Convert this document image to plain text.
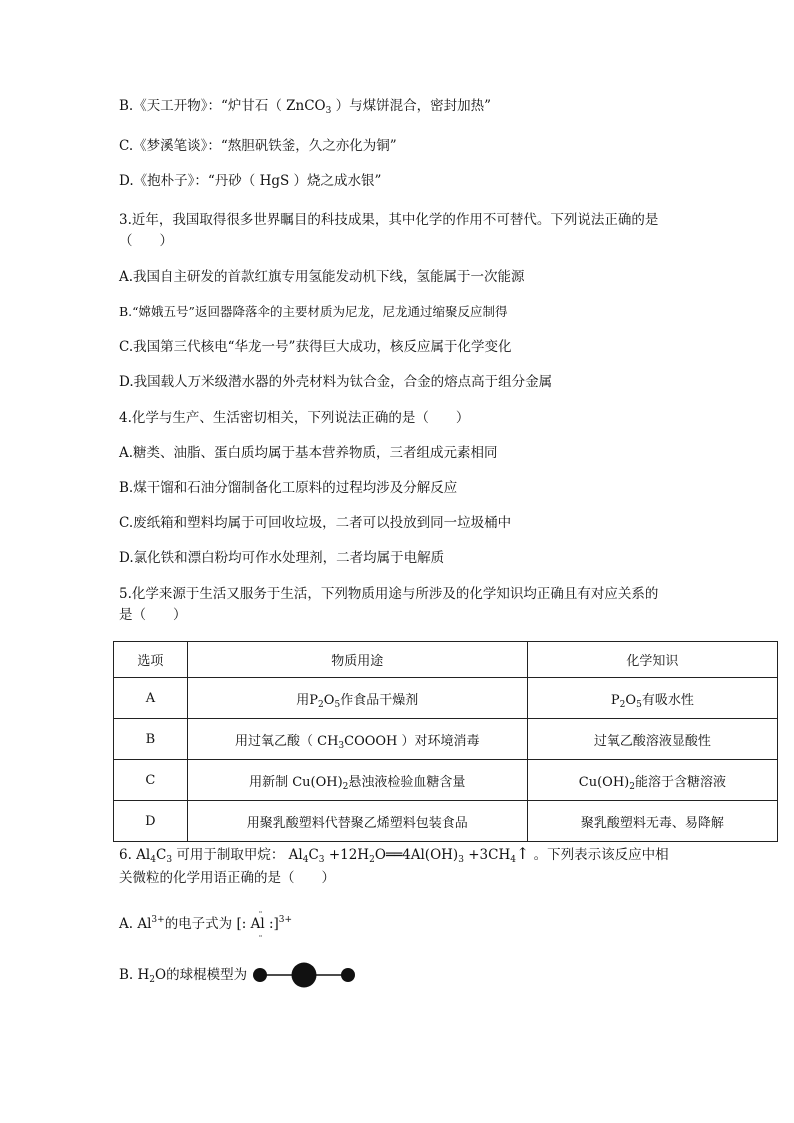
B.《天工开物》：“炉甘石（ ZnCO$_3$ ）与煤饼混合，密封加热”
C.《梦溪笔谈》：“熬胆矾铁釜，久之亦化为铜”
D.《抱朴子》：“丹砂（ HgS ）烧之成水银”
3.近年，我国取得很多世界瞩目的科技成果，其中化学的作用不可替代。下列说法正确的是
（　　）
A.我国自主研发的首款红旗专用氢能发动机下线，氢能属于一次能源
B.“嫦娥五号”返回器降落伞的主要材质为尼龙，尼龙通过缩聚反应制得
C.我国第三代核电“华龙一号”获得巨大成功，核反应属于化学变化
D.我国载人万米级潜水器的外壳材料为钛合金，合金的熔点高于组分金属
4.化学与生产、生活密切相关，下列说法正确的是（　　）
A.糖类、油脂、蛋白质均属于基本营养物质，三者组成元素相同
B.煤干馏和石油分馏制备化工原料的过程均涉及分解反应
C.废纸箱和塑料均属于可回收垃圾，二者可以投放到同一垃圾桶中
D.氯化铁和漂白粉均可作水处理剂，二者均属于电解质
5.化学来源于生活又服务于生活，下列物质用途与所涉及的化学知识均正确且有对应关系的
是（　　）
选项	物质用途	化学知识
A	用$P_2O_5$作食品干燥剂	$P_2O_5$有吸水性
B	用过氧乙酸（ $CH_3COOOH$ ）对环境消毒	过氧乙酸溶液显酸性
C	用新制 $Cu(OH)_2$悬浊液检验血糖含量	$Cu(OH)_2$能溶于含糖溶液
D	用聚乳酸塑料代替聚乙烯塑料包装食品	聚乳酸塑料无毒、易降解
6. $Al_4C_3$ 可用于制取甲烷： $Al_4C_3$ $+12H_2O══4Al(OH)_3$ $+3CH_4↑$ 。下列表示该反应中相
关微粒的化学用语正确的是（　　）
A. $Al^{3+}$的电子式为
··
[: Al :]
··
$^{3+}$
B. $H_2O$的球棍模型为
